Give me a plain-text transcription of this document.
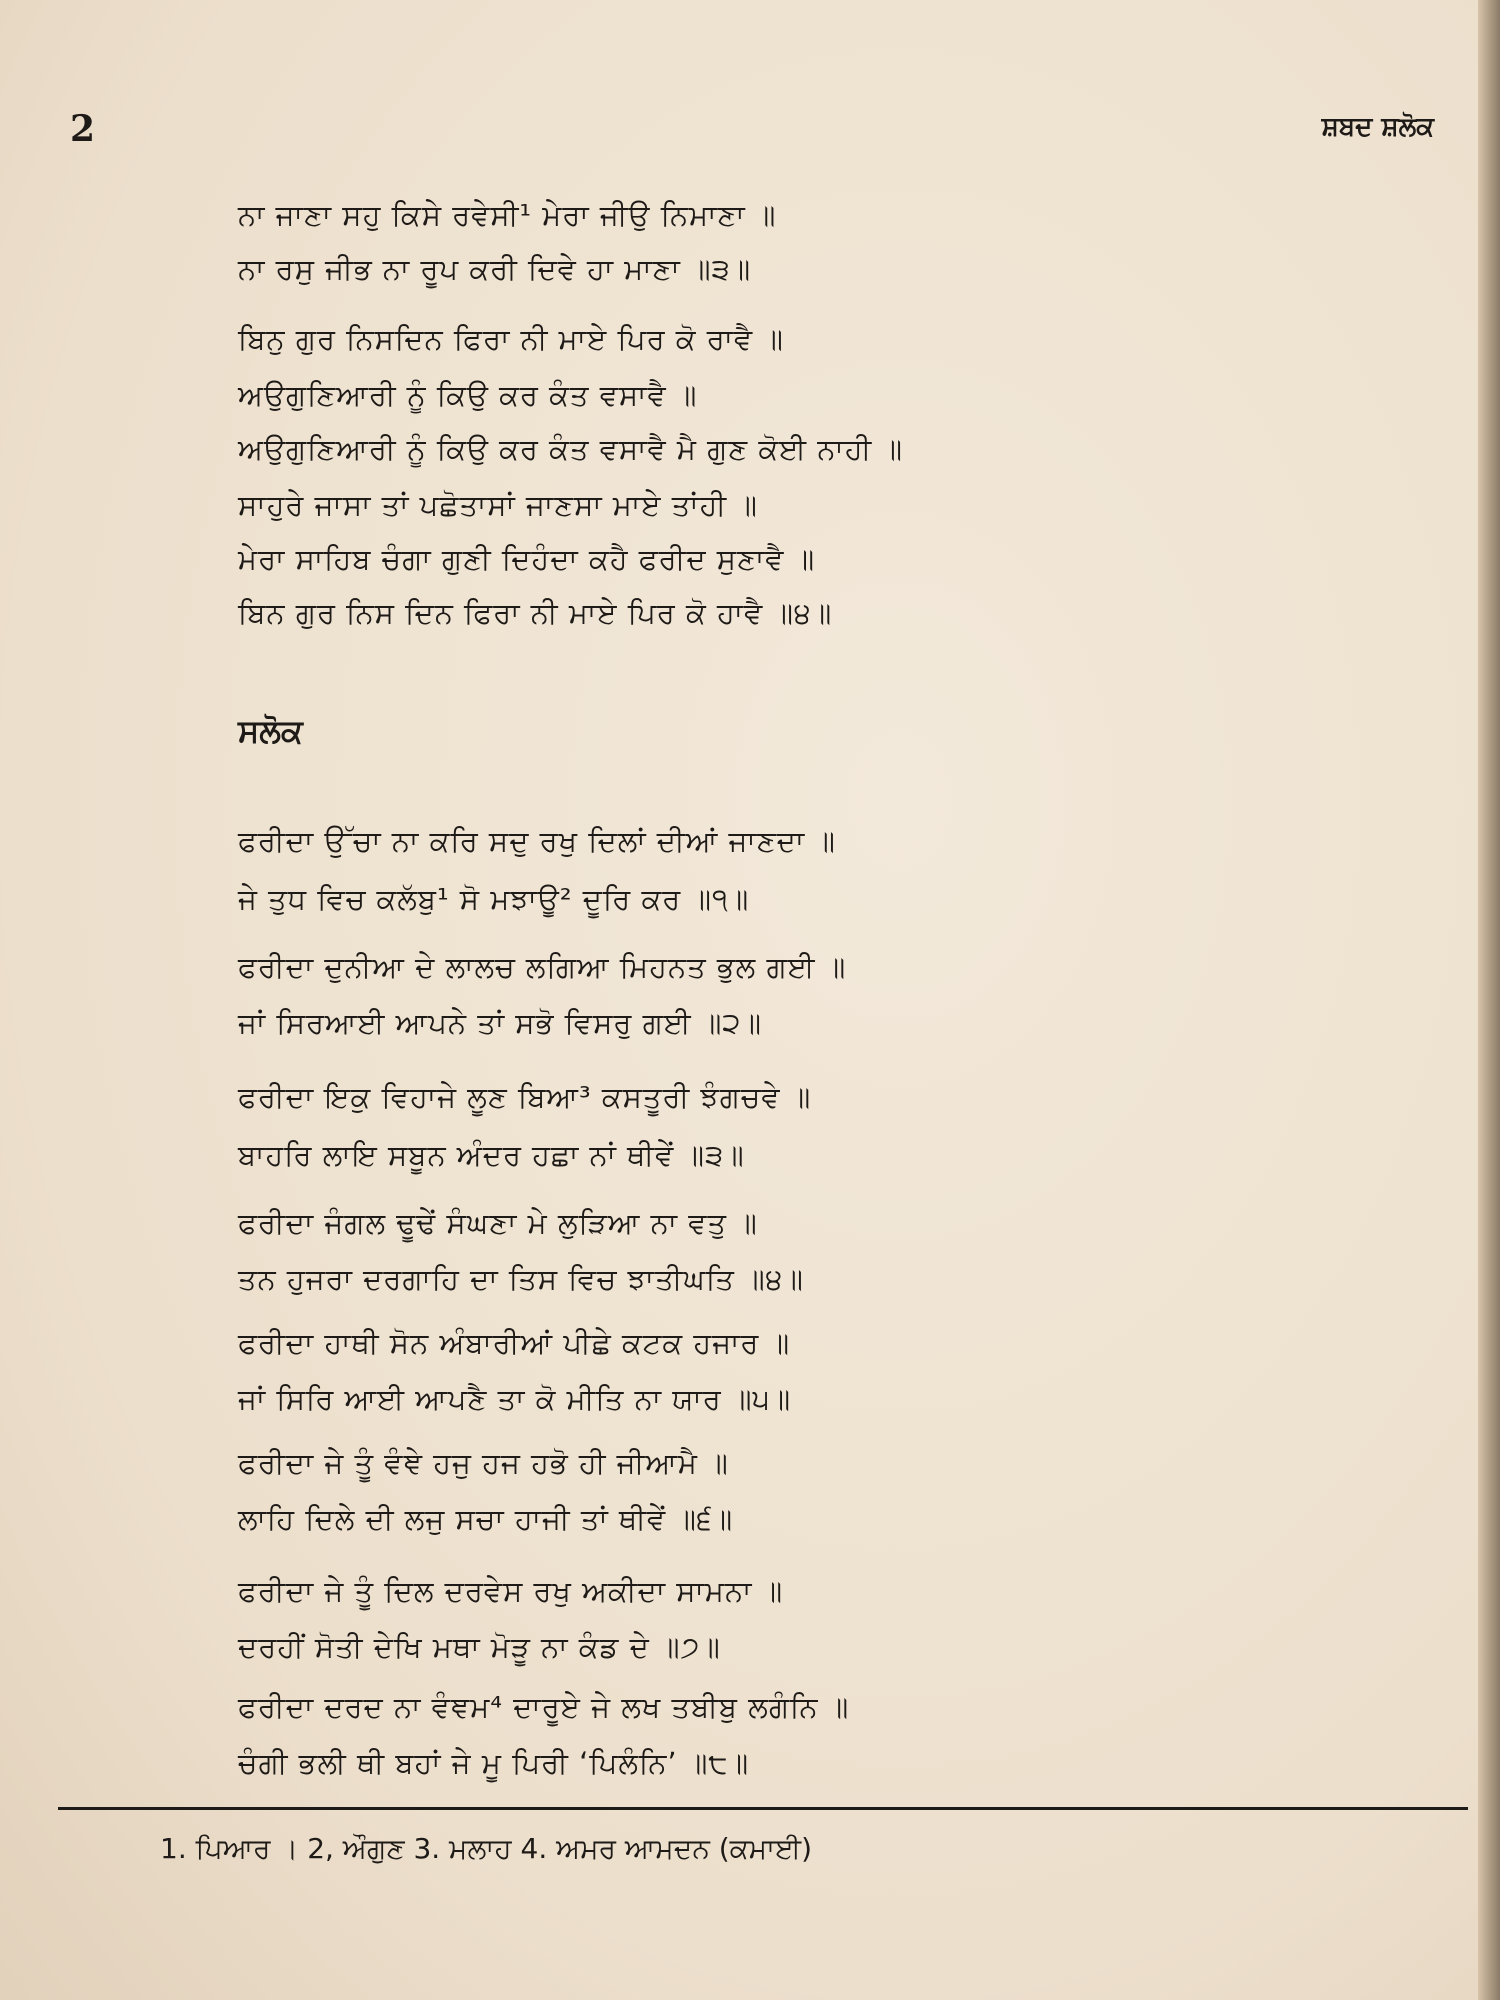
2	ਸ਼ਬਦ ਸ਼ਲੋਕ
ਨਾ ਜਾਣਾ ਸਹੁ ਕਿਸੇ ਰਵੇਸੀ¹ ਮੇਰਾ ਜੀਉ ਨਿਮਾਣਾ ॥
ਨਾ ਰਸੁ ਜੀਭ ਨਾ ਰੂਪ ਕਰੀ ਦਿਵੇ ਹਾ ਮਾਣਾ ॥੩॥
ਬਿਨੁ ਗੁਰ ਨਿਸਦਿਨ ਫਿਰਾ ਨੀ ਮਾਏ ਪਿਰ ਕੋ ਰਾਵੈ ॥
ਅਉਗੁਣਿਆਰੀ ਨੂੰ ਕਿਉ ਕਰ ਕੰਤ ਵਸਾਵੈ ॥
ਅਉਗੁਣਿਆਰੀ ਨੂੰ ਕਿਉ ਕਰ ਕੰਤ ਵਸਾਵੈ ਮੈ ਗੁਣ ਕੋਈ ਨਾਹੀ ॥
ਸਾਹੁਰੇ ਜਾਸਾ ਤਾਂ ਪਛੋਤਾਸਾਂ ਜਾਣਸਾ ਮਾਏ ਤਾਂਹੀ ॥
ਮੇਰਾ ਸਾਹਿਬ ਚੰਗਾ ਗੁਣੀ ਦਿਹੰਦਾ ਕਹੈ ਫਰੀਦ ਸੁਣਾਵੈ ॥
ਬਿਨ ਗੁਰ ਨਿਸ ਦਿਨ ਫਿਰਾ ਨੀ ਮਾਏ ਪਿਰ ਕੋ ਹਾਵੈ ॥੪॥
ਸਲੋਕ
ਫਰੀਦਾ ਉੱਚਾ ਨਾ ਕਰਿ ਸਦੁ ਰਖੁ ਦਿਲਾਂ ਦੀਆਂ ਜਾਣਦਾ ॥
ਜੇ ਤੁਧ ਵਿਚ ਕਲੱਬੁ¹ ਸੋ ਮਝਾਊ² ਦੂਰਿ ਕਰ ॥੧॥
ਫਰੀਦਾ ਦੁਨੀਆ ਦੇ ਲਾਲਚ ਲਗਿਆ ਮਿਹਨਤ ਭੁਲ ਗਈ ॥
ਜਾਂ ਸਿਰਆਈ ਆਪਨੇ ਤਾਂ ਸਭੋ ਵਿਸਰੁ ਗਈ ॥੨॥
ਫਰੀਦਾ ਇਕੁ ਵਿਹਾਜੇ ਲੂਣ ਬਿਆ³ ਕਸਤੂਰੀ ਝੰਗਚਵੇ ॥
ਬਾਹਰਿ ਲਾਇ ਸਬੂਨ ਅੰਦਰ ਹਛਾ ਨਾਂ ਥੀਵੇਂ ॥੩॥
ਫਰੀਦਾ ਜੰਗਲ ਢੂਢੇਂ ਸੰਘਣਾ ਮੇ ਲੁੜਿਆ ਨਾ ਵਤੁ ॥
ਤਨ ਹੁਜਰਾ ਦਰਗਾਹਿ ਦਾ ਤਿਸ ਵਿਚ ਝਾਤੀਘਤਿ ॥੪॥
ਫਰੀਦਾ ਹਾਥੀ ਸੋਨ ਅੰਬਾਰੀਆਂ ਪੀਛੇ ਕਟਕ ਹਜਾਰ ॥
ਜਾਂ ਸਿਰਿ ਆਈ ਆਪਣੈ ਤਾ ਕੋ ਮੀਤਿ ਨਾ ਯਾਰ ॥੫॥
ਫਰੀਦਾ ਜੇ ਤੂੰ ਵੰਞੇ ਹਜੁ ਹਜ ਹਭੋ ਹੀ ਜੀਆਮੈ ॥
ਲਾਹਿ ਦਿਲੇ ਦੀ ਲਜੁ ਸਚਾ ਹਾਜੀ ਤਾਂ ਥੀਵੇਂ ॥੬॥
ਫਰੀਦਾ ਜੇ ਤੂੰ ਦਿਲ ਦਰਵੇਸ ਰਖੁ ਅਕੀਦਾ ਸਾਮਨਾ ॥
ਦਰਹੀਂ ਸੋਤੀ ਦੇਖਿ ਮਥਾ ਮੋੜੂ ਨਾ ਕੰਡ ਦੇ ॥੭॥
ਫਰੀਦਾ ਦਰਦ ਨਾ ਵੰਞਮ⁴ ਦਾਰੂਏ ਜੇ ਲਖ ਤਬੀਬੁ ਲਗੰਨਿ ॥
ਚੰਗੀ ਭਲੀ ਥੀ ਬਹਾਂ ਜੇ ਮੂ ਪਿਰੀ ‘ਪਿਲੰਨਿ’ ॥੮॥
1. ਪਿਆਰ । 2, ਔਗੁਣ 3. ਮਲਾਹ 4. ਅਮਰ ਆਮਦਨ (ਕਮਾਈ)
